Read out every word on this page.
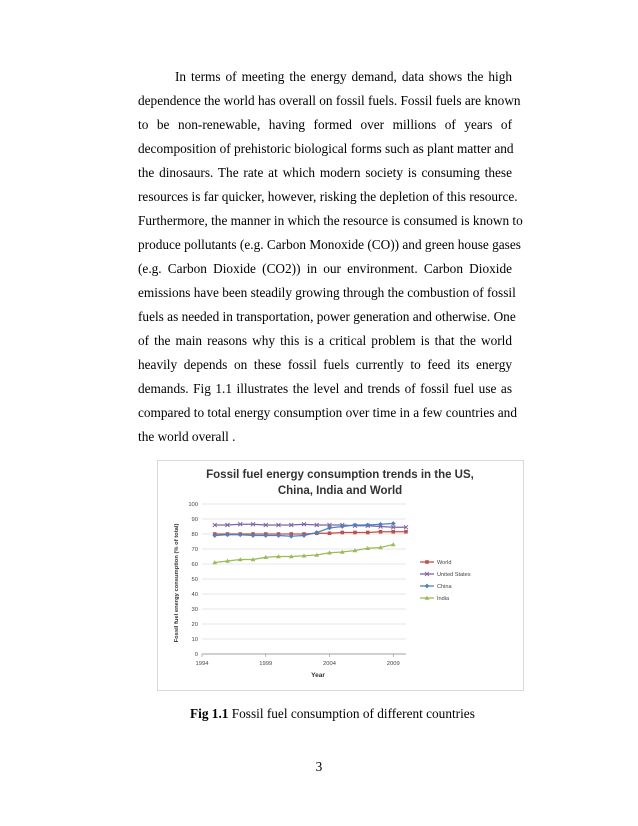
In terms of meeting the energy demand, data shows the high
dependence the world has overall on fossil fuels. Fossil fuels are known
to be non-renewable, having formed over millions of years of
decomposition of prehistoric biological forms such as plant matter and
the dinosaurs. The rate at which modern society is consuming these
resources is far quicker, however, risking the depletion of this resource.
Furthermore, the manner in which the resource is consumed is known to
produce pollutants (e.g. Carbon Monoxide (CO)) and green house gases
(e.g. Carbon Dioxide (CO2)) in our environment. Carbon Dioxide
emissions have been steadily growing through the combustion of fossil
fuels as needed in transportation, power generation and otherwise. One
of the main reasons why this is a critical problem is that the world
heavily depends on these fossil fuels currently to feed its energy
demands. Fig 1.1 illustrates the level and trends of fossil fuel use as
compared to total energy consumption over time in a few countries and
the world overall .
Fossil fuel energy consumption trends in the US,
China, India and World
0
10
20
30
40
50
60
70
80
90
100
1994	1999	2004	2009
World
United States
China
India
Year
Fossil fuel energy consumption (% of total)
Fig 1.1 Fossil fuel consumption of different countries
3
